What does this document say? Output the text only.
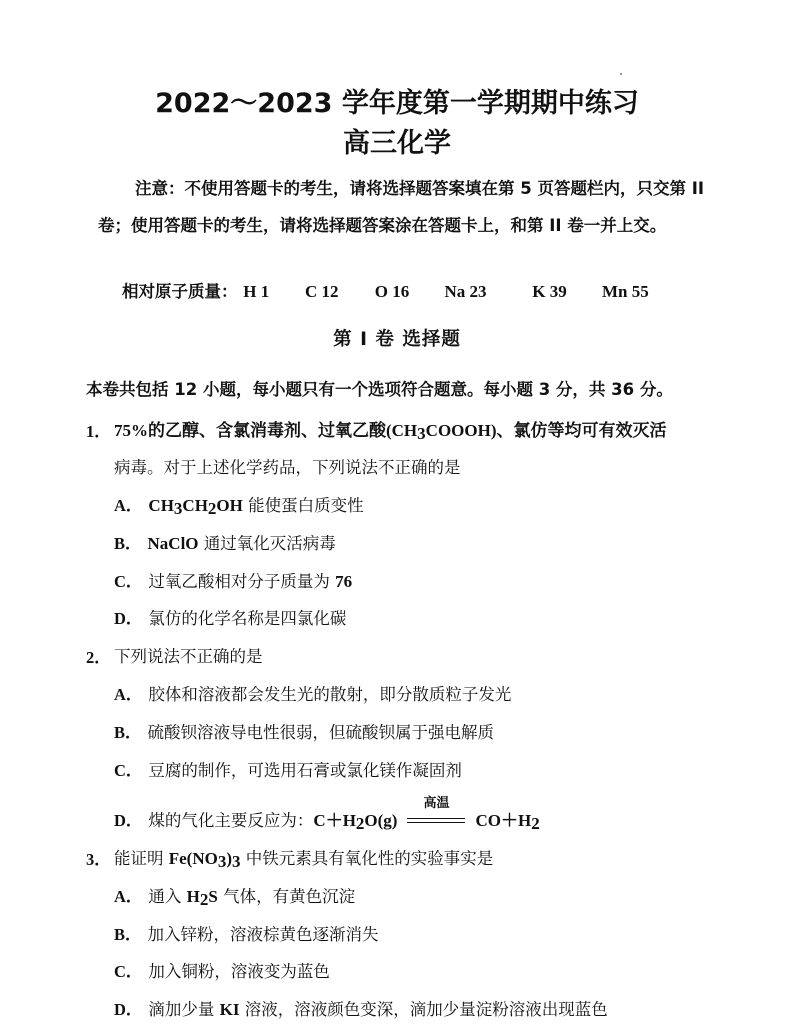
2022～2023 学年度第一学期期中练习
高三化学
注意：不使用答题卡的考生，请将选择题答案填在第 5 页答题栏内，只交第 II 卷；使用答题卡的考生，请将选择题答案涂在答题卡上，和第 II 卷一并上交。
相对原子质量： H 1 C 12 O 16 Na 23	K 39 Mn 55
第 I 卷 选择题
本卷共包括 12 小题，每小题只有一个选项符合题意。每小题 3 分，共 36 分。
1． 75%的乙醇、含氯消毒剂、过氧乙酸$(CH_3COOOH)$、氯仿等均可有效灭活
病毒。对于上述化学药品，下列说法不正确的是
A． $CH_3CH_2OH$ 能使蛋白质变性
B． NaClO 通过氧化灭活病毒
C． 过氧乙酸相对分子质量为 76
D． 氯仿的化学名称是四氯化碳
2． 下列说法不正确的是
A． 胶体和溶液都会发生光的散射，即分散质粒子发光
B． 硫酸钡溶液导电性很弱，但硫酸钡属于强电解质
C． 豆腐的制作，可选用石膏或氯化镁作凝固剂
D． 煤的气化主要反应为：$C+H_2O(g)$
高温
$CO+H_2$
3． 能证明 $Fe(NO_3)_3$ 中铁元素具有氧化性的实验事实是
A． 通入 $H_2S$ 气体，有黄色沉淀
B． 加入锌粉，溶液棕黄色逐渐消失
C． 加入铜粉，溶液变为蓝色
D． 滴加少量 KI 溶液，溶液颜色变深，滴加少量淀粉溶液出现蓝色
